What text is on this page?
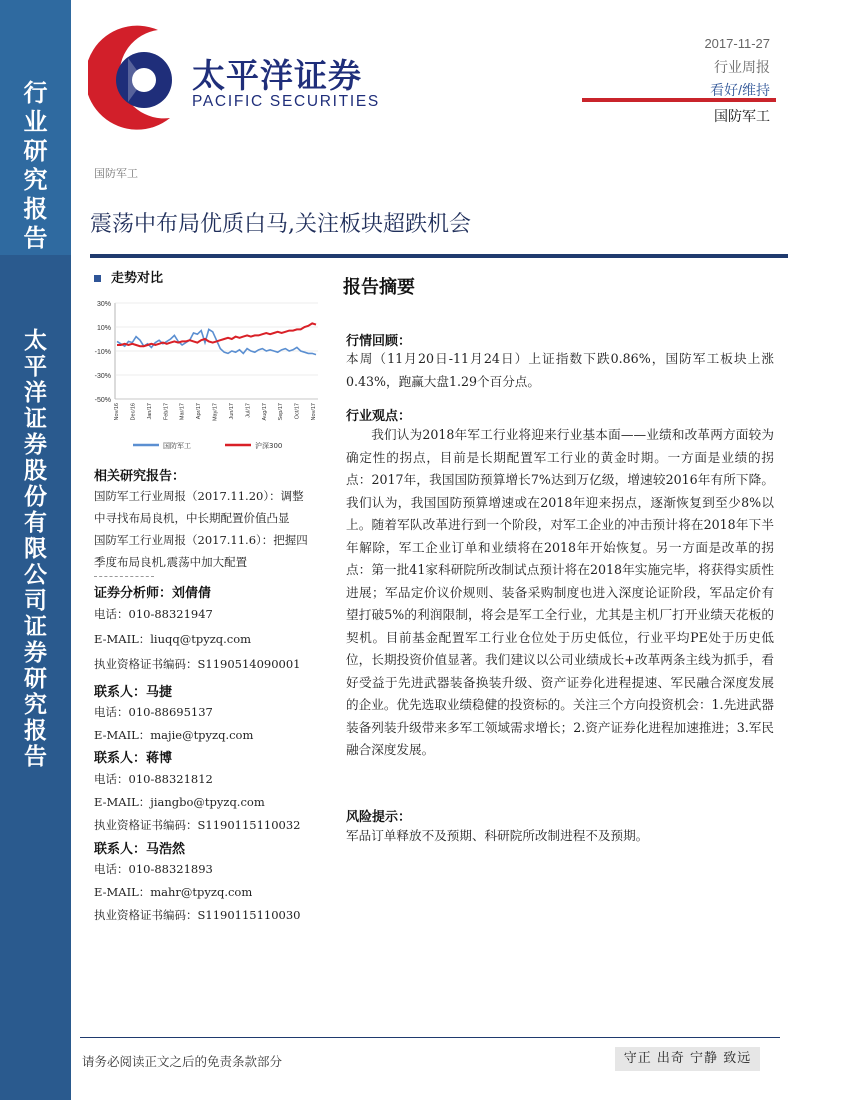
行
业
研
究
报
告
太
平
洋
证
券
股
份
有
限
公
司
证
券
研
究
报
告
太平洋证券
PACIFIC SECURITIES
2017-11-27
行业周报
看好/维持
国防军工
国防军工
震荡中布局优质白马,关注板块超跌机会
走势对比
30%
10%
-10%
-30%
-50%
Nov/16 Dec/16 Jan/17 Feb/17 Mar/17 Apr/17 May/17 Jun/17 Jul/17 Aug/17 Sep/17 Oct/17 Nov/17
国防军工	沪深300
相关研究报告：
国防军工行业周报（2017.11.20）：调整
中寻找布局良机，中长期配置价值凸显
国防军工行业周报（2017.11.6）：把握四
季度布局良机,震荡中加大配置
证券分析师：刘倩倩
电话：010-88321947
E-MAIL：liuqq@tpyzq.com
执业资格证书编码：S1190514090001
联系人：马捷
电话：010-88695137
E-MAIL：majie@tpyzq.com
联系人：蒋博
电话：010-88321812
E-MAIL：jiangbo@tpyzq.com
执业资格证书编码：S1190115110032
联系人：马浩然
电话：010-88321893
E-MAIL：mahr@tpyzq.com
执业资格证书编码：S1190115110030
报告摘要
行情回顾：

本周（11月20日-11月24日）上证指数下跌0.86%，国防军工板块上涨0.43%，跑赢大盘1.29个百分点。

行业观点：

我们认为2018年军工行业将迎来行业基本面——业绩和改革两方面较为确定性的拐点，目前是长期配置军工行业的黄金时期。一方面是业绩的拐点：2017年，我国国防预算增长7%达到万亿级，增速较2016年有所下降。我们认为，我国国防预算增速或在2018年迎来拐点，逐渐恢复到至少8%以上。随着军队改革进行到一个阶段，对军工企业的冲击预计将在2018年下半年解除，军工企业订单和业绩将在2018年开始恢复。另一方面是改革的拐点：第一批41家科研院所改制试点预计将在2018年实施完毕，将获得实质性进展；军品定价议价规则、装备采购制度也进入深度论证阶段，军品定价有望打破5%的利润限制，将会是军工全行业，尤其是主机厂打开业绩天花板的契机。目前基金配置军工行业仓位处于历史低位，行业平均PE处于历史低位，长期投资价值显著。我们建议以公司业绩成长+改革两条主线为抓手，看好受益于先进武器装备换装升级、资产证券化进程提速、军民融合深度发展的企业。优先选取业绩稳健的投资标的。关注三个方向投资机会：1.先进武器装备列装升级带来多军工领域需求增长；2.资产证券化进程加速推进；3.军民融合深度发展。

风险提示：

军品订单释放不及预期、科研院所改制进程不及预期。

请务必阅读正文之后的免责条款部分	守正 出奇 宁静 致远
